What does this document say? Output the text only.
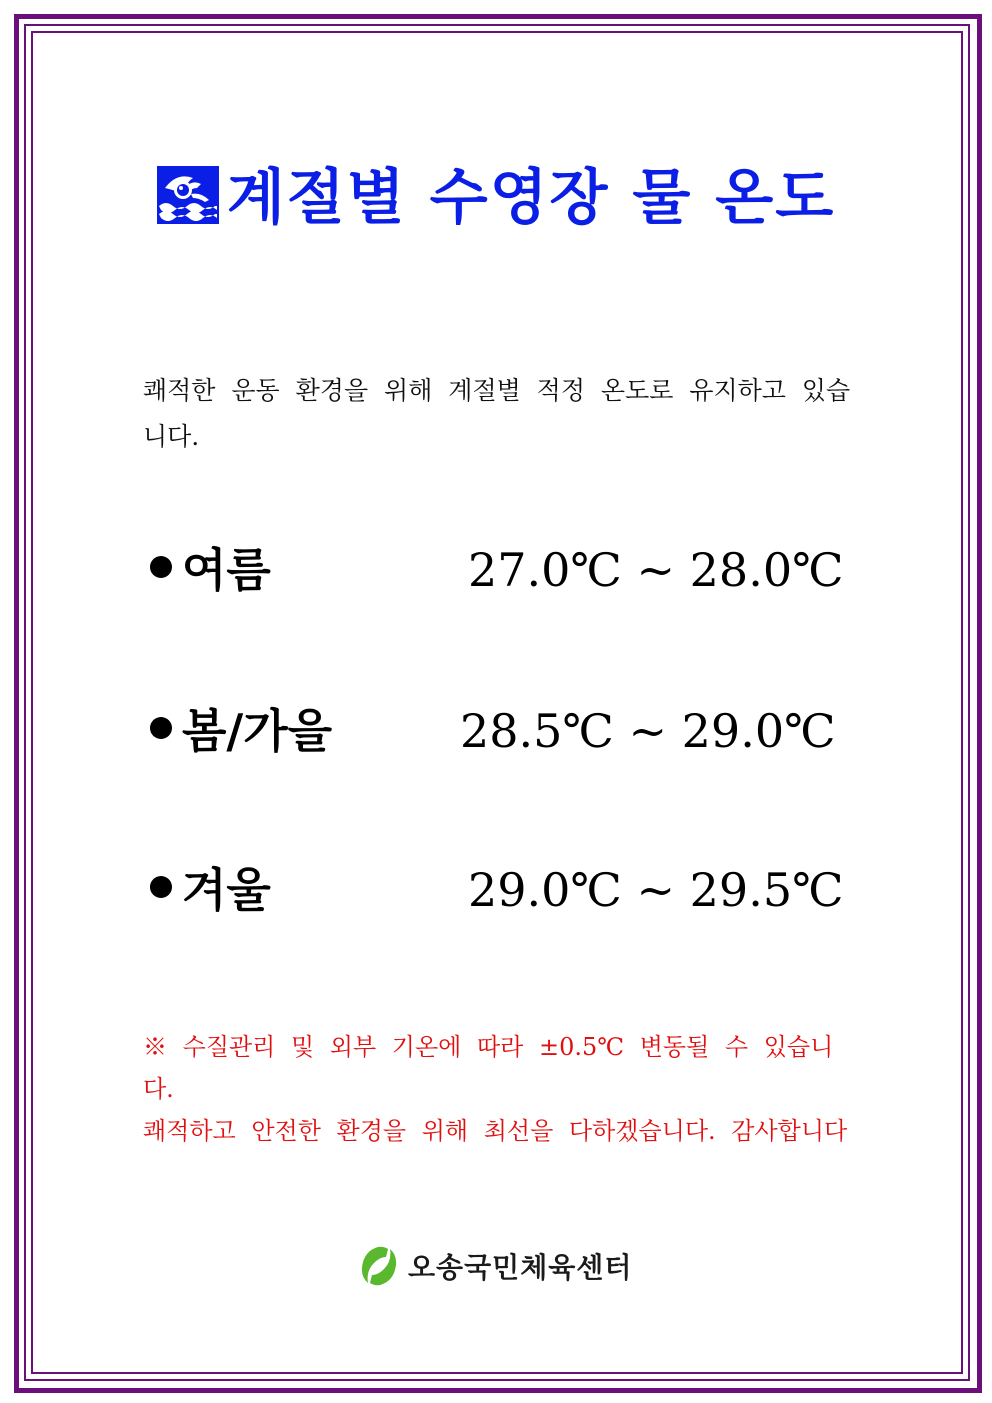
계절별 수영장 물 온도
쾌적한 운동 환경을 위해 계절별 적정 온도로 유지하고 있습니다.
여름	27.0℃ ~ 28.0℃
봄/가을	28.5℃ ~ 29.0℃
겨울	29.0℃ ~ 29.5℃
※ 수질관리 및 외부 기온에 따라 ±0.5℃ 변동될 수 있습니다.
쾌적하고 안전한 환경을 위해 최선을 다하겠습니다. 감사합니다
오송국민체육센터
